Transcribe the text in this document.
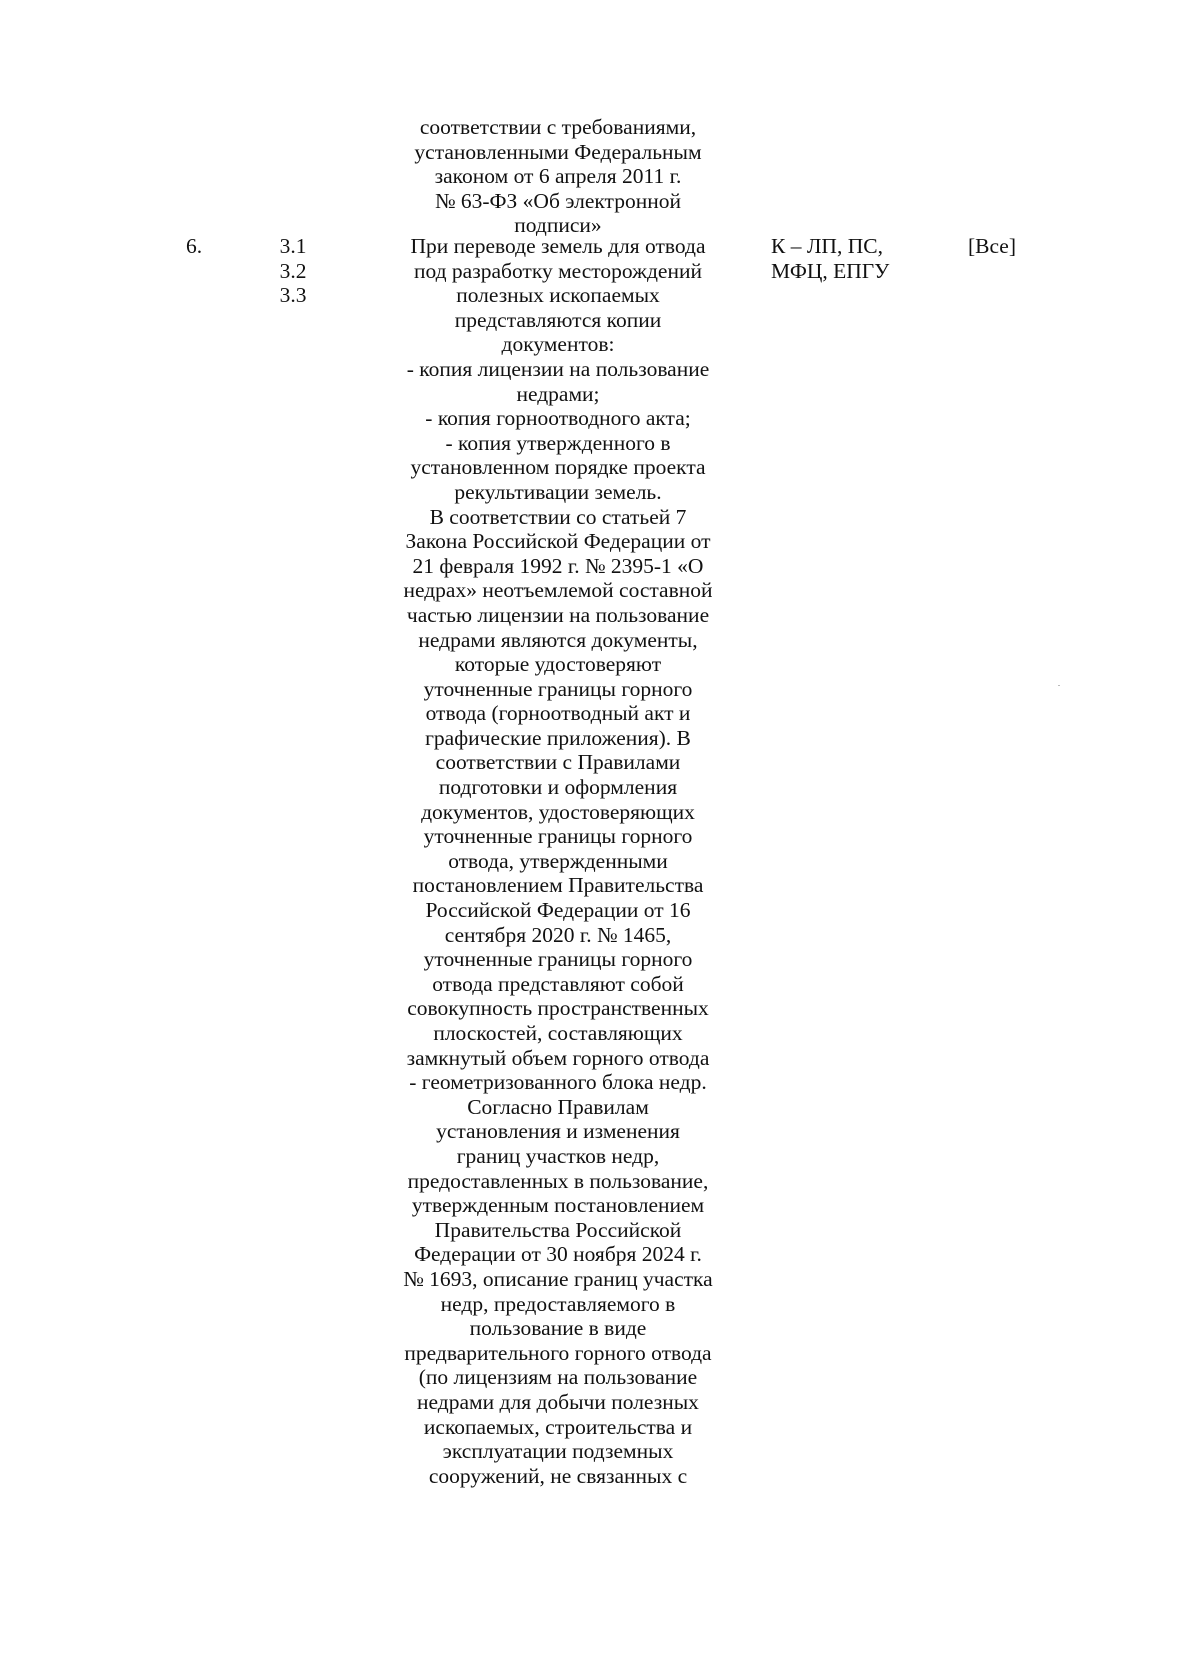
соответствии с требованиями,
установленными Федеральным
законом от 6 апреля 2011 г.
№ 63-ФЗ «Об электронной
подписи»
6.	3.1
3.2
3.3
При переводе земель для отвода
под разработку месторождений
полезных ископаемых
представляются копии
документов:
- копия лицензии на пользование
недрами;
- копия горноотводного акта;
- копия утвержденного в
установленном порядке проекта
рекультивации земель.
В соответствии со статьей 7
Закона Российской Федерации от
21 февраля 1992 г. № 2395-1 «О
недрах» неотъемлемой составной
частью лицензии на пользование
недрами являются документы,
которые удостоверяют
уточненные границы горного
отвода (горноотводный акт и
графические приложения). В
соответствии с Правилами
подготовки и оформления
документов, удостоверяющих
уточненные границы горного
отвода, утвержденными
постановлением Правительства
Российской Федерации от 16
сентября 2020 г. № 1465,
уточненные границы горного
отвода представляют собой
совокупность пространственных
плоскостей, составляющих
замкнутый объем горного отвода
- геометризованного блока недр.
Согласно Правилам
установления и изменения
границ участков недр,
предоставленных в пользование,
утвержденным постановлением
Правительства Российской
Федерации от 30 ноября 2024 г.
№ 1693, описание границ участка
недр, предоставляемого в
пользование в виде
предварительного горного отвода
(по лицензиям на пользование
недрами для добычи полезных
ископаемых, строительства и
эксплуатации подземных
сооружений, не связанных с
К – ЛП, ПС,
МФЦ, ЕПГУ
[Все]
